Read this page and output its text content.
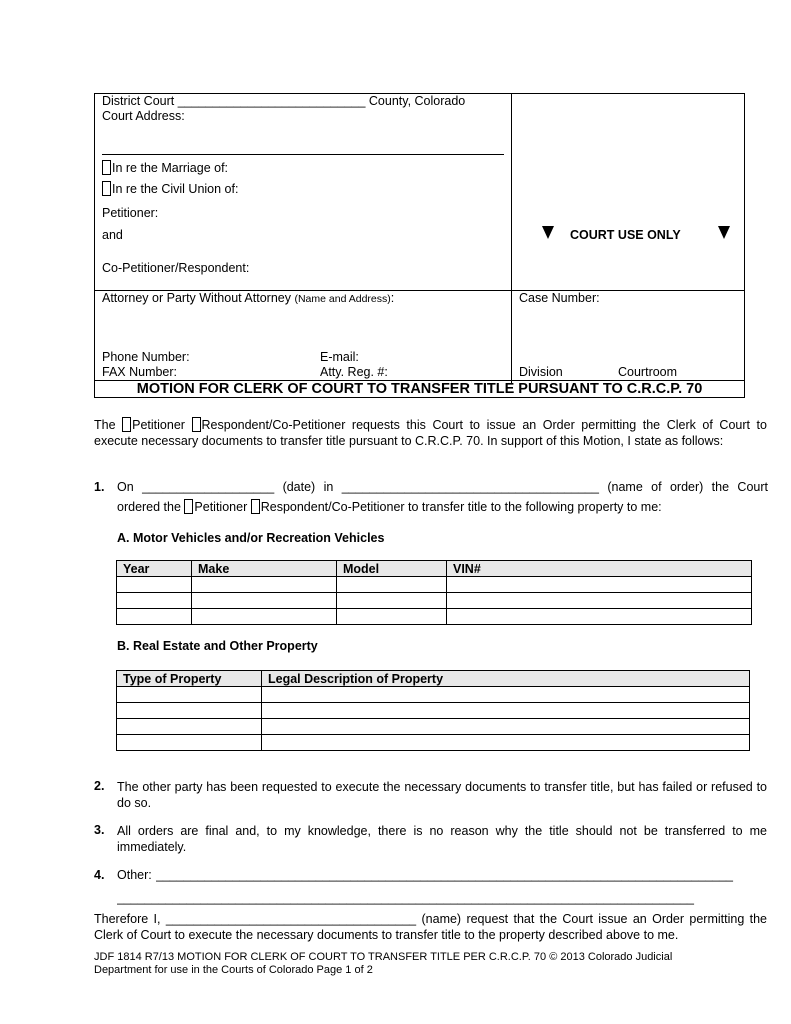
District Court ___________________________ County, Colorado
Court Address:
In re the Marriage of:
In re the Civil Union of:
Petitioner:
and
Co-Petitioner/Respondent:
COURT USE ONLY
Attorney or Party Without Attorney (Name and Address):	Case Number:
Phone Number:	E-mail:
FAX Number:	Atty. Reg. #:	Division	Courtroom
MOTION FOR CLERK OF COURT TO TRANSFER TITLE PURSUANT TO C.R.C.P. 70
The Petitioner Respondent/Co-Petitioner requests this Court to issue an Order permitting the Clerk of Court to
execute necessary documents to transfer title pursuant to C.R.C.P. 70. In support of this Motion, I state as follows:
1. On ___________________ (date) in _____________________________________ (name of order) the Court
ordered the Petitioner Respondent/Co-Petitioner to transfer title to the following property to me:
A. Motor Vehicles and/or Recreation Vehicles
Year	Make	Model	VIN#

B. Real Estate and Other Property
Type of Property	Legal Description of Property

2. The other party has been requested to execute the necessary documents to transfer title, but has failed or refused to do so.
3. All orders are final and, to my knowledge, there is no reason why the title should not be transferred to me immediately.
4. Other: ___________________________________________________________________________________
___________________________________________________________________________________
Therefore I, ____________________________________ (name) request that the Court issue an Order permitting the
Clerk of Court to execute the necessary documents to transfer title to the property described above to me.
JDF 1814 R7/13 MOTION FOR CLERK OF COURT TO TRANSFER TITLE PER C.R.C.P. 70 © 2013 Colorado Judicial
Department for use in the Courts of Colorado Page 1 of 2
